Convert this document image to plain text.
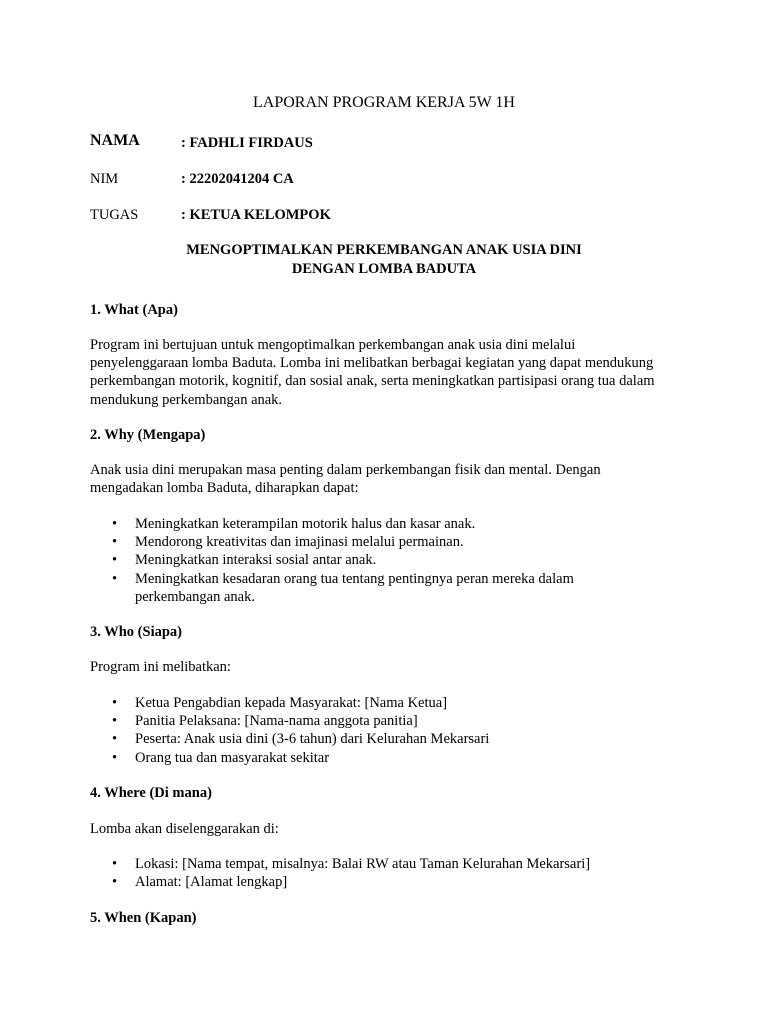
LAPORAN PROGRAM KERJA 5W 1H
NAMA	: FADHLI FIRDAUS
NIM	: 22202041204 CA
TUGAS	: KETUA KELOMPOK
MENGOPTIMALKAN PERKEMBANGAN ANAK USIA DINI
DENGAN LOMBA BADUTA
1. What (Apa)

Program ini bertujuan untuk mengoptimalkan perkembangan anak usia dini melalui
penyelenggaraan lomba Baduta. Lomba ini melibatkan berbagai kegiatan yang dapat mendukung
perkembangan motorik, kognitif, dan sosial anak, serta meningkatkan partisipasi orang tua dalam
mendukung perkembangan anak.

2. Why (Mengapa)

Anak usia dini merupakan masa penting dalam perkembangan fisik dan mental. Dengan
mengadakan lomba Baduta, diharapkan dapat:

• Meningkatkan keterampilan motorik halus dan kasar anak.
• Mendorong kreativitas dan imajinasi melalui permainan.
• Meningkatkan interaksi sosial antar anak.
• Meningkatkan kesadaran orang tua tentang pentingnya peran mereka dalam
perkembangan anak.
3. Who (Siapa)

Program ini melibatkan:

• Ketua Pengabdian kepada Masyarakat: [Nama Ketua]
• Panitia Pelaksana: [Nama-nama anggota panitia]
• Peserta: Anak usia dini (3-6 tahun) dari Kelurahan Mekarsari
• Orang tua dan masyarakat sekitar
4. Where (Di mana)

Lomba akan diselenggarakan di:

• Lokasi: [Nama tempat, misalnya: Balai RW atau Taman Kelurahan Mekarsari]
• Alamat: [Alamat lengkap]
5. When (Kapan)
